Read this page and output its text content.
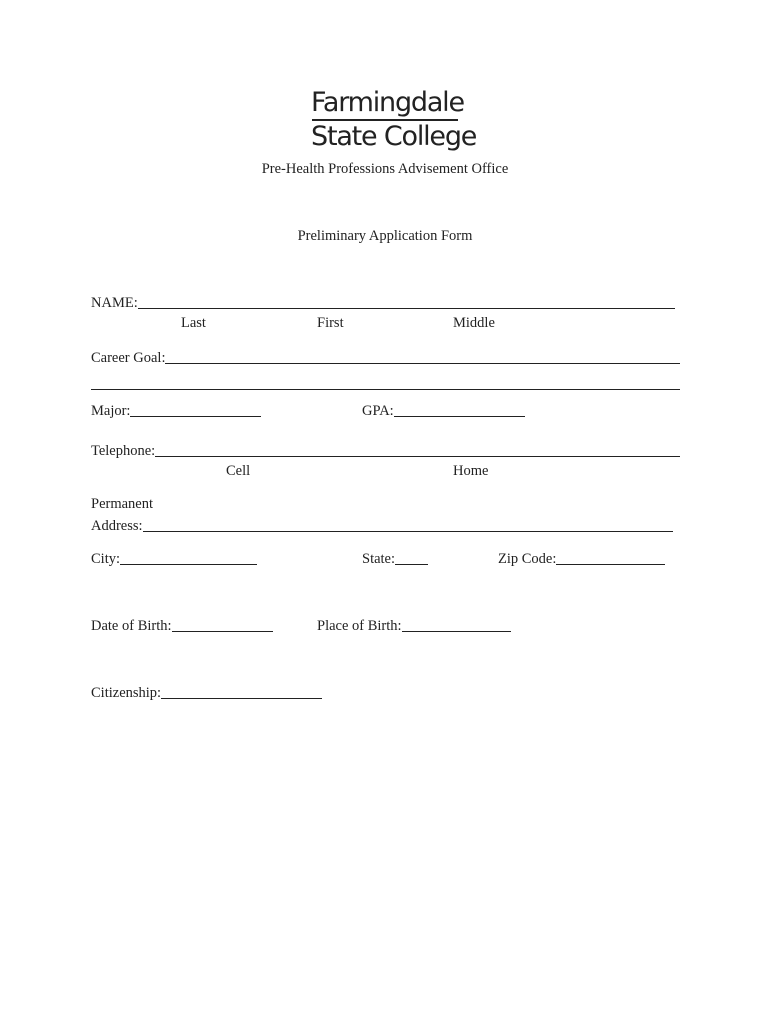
Farmingdale
State College
Pre-Health Professions Advisement Office
Preliminary Application Form
NAME:
Last	First	Middle
Career Goal:
Major:	GPA:
Telephone:
Cell	Home
Permanent
Address:
City:	State:	Zip Code:
Date of Birth:	Place of Birth:
Citizenship:
